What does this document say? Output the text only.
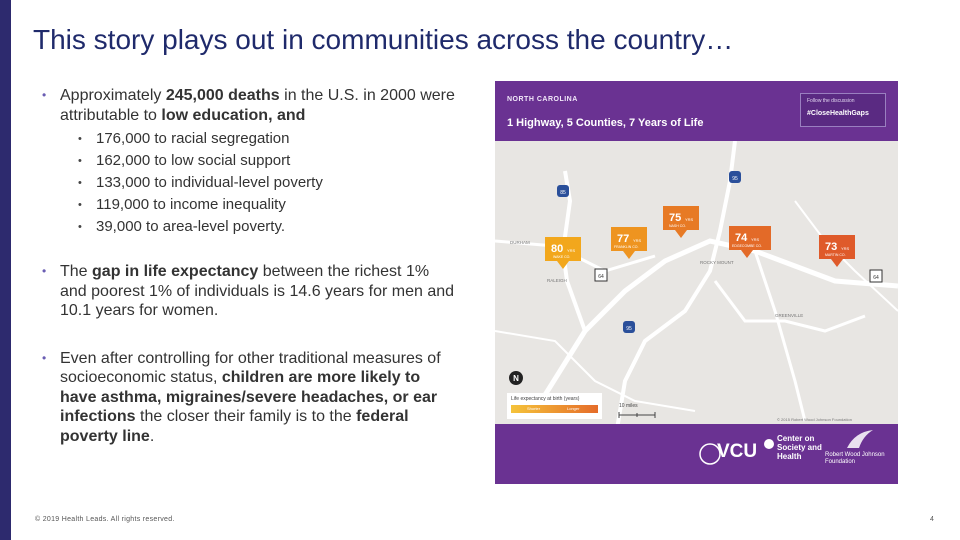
This story plays out in communities across the country…
• Approximately 245,000 deaths in the U.S. in 2000 were attributable to low education, and
• 176,000 to racial segregation
• 162,000 to low social support
• 133,000 to individual-level poverty
• 119,000 to income inequality
• 39,000 to area-level poverty.
• The gap in life expectancy between the richest 1% and poorest 1% of individuals is 14.6 years for men and 10.1 years for women.
• Even after controlling for other traditional measures of socioeconomic status, children are more likely to have asthma, migraines/severe headaches, or ear infections the closer their family is to the federal poverty line.
85
95
64	64
95
DURHAM
RALEIGH
ROCKY MOUNT
GREENVILLE
80 YRS
WAKE CO.
77 YRS
FRANKLIN CO.
75 YRS
NASH CO.
74 YRS
EDGECOMBE CO.	73 YRS
MARTIN CO.
N
NORTH CAROLINA
1 Highway, 5 Counties, 7 Years of Life
Follow the discussion
#CloseHealthGaps
Life expectancy at birth (years)
Shorter	Longer	10 miles
© 2015 Robert Wood Johnson Foundation
VCU
Center on Society and Health	Robert Wood Johnson Foundation
© 2019 Health Leads. All rights reserved.	4
